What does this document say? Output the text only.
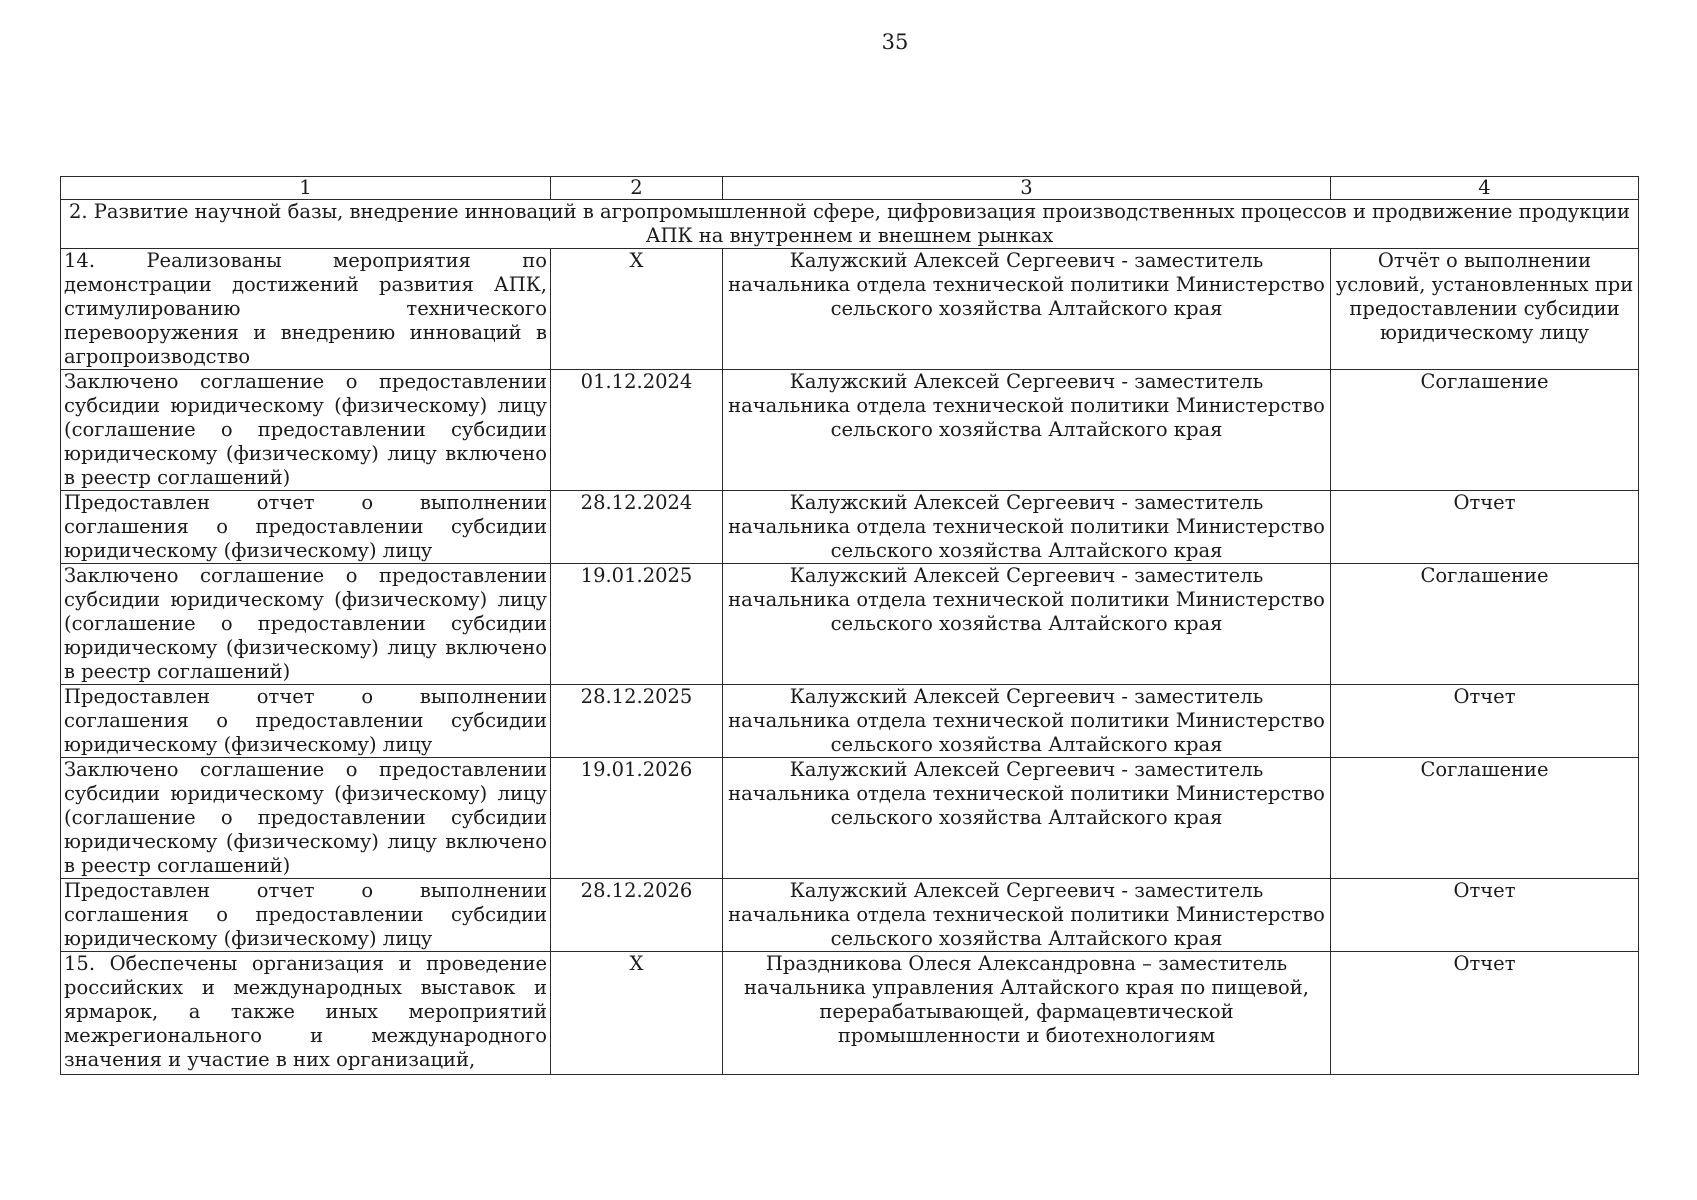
35
1	2	3	4
2. Развитие научной базы, внедрение инноваций в агропромышленной сфере, цифровизация производственных процессов и продвижение продукции АПК на внутреннем и внешнем рынках			
14. Реализованы мероприятия по демонстрации достижений развития АПК, стимулированию технического перевооружения и внедрению инноваций в агропроизводство	Х	Калужский Алексей Сергеевич - заместитель начальника отдела технической политики Министерство сельского хозяйства Алтайского края	Отчёт о выполнении условий, установленных при предоставлении субсидии юридическому лицу
Заключено соглашение о предоставлении субсидии юридическому (физическому) лицу (соглашение о предоставлении субсидии юридическому (физическому) лицу включено в реестр соглашений)	01.12.2024	Калужский Алексей Сергеевич - заместитель начальника отдела технической политики Министерство сельского хозяйства Алтайского края	Соглашение
Предоставлен отчет о выполнении соглашения о предоставлении субсидии юридическому (физическому) лицу	28.12.2024	Калужский Алексей Сергеевич - заместитель начальника отдела технической политики Министерство сельского хозяйства Алтайского края	Отчет
Заключено соглашение о предоставлении субсидии юридическому (физическому) лицу (соглашение о предоставлении субсидии юридическому (физическому) лицу включено в реестр соглашений)	19.01.2025	Калужский Алексей Сергеевич - заместитель начальника отдела технической политики Министерство сельского хозяйства Алтайского края	Соглашение
Предоставлен отчет о выполнении соглашения о предоставлении субсидии юридическому (физическому) лицу	28.12.2025	Калужский Алексей Сергеевич - заместитель начальника отдела технической политики Министерство сельского хозяйства Алтайского края	Отчет
Заключено соглашение о предоставлении субсидии юридическому (физическому) лицу (соглашение о предоставлении субсидии юридическому (физическому) лицу включено в реестр соглашений)	19.01.2026	Калужский Алексей Сергеевич - заместитель начальника отдела технической политики Министерство сельского хозяйства Алтайского края	Соглашение
Предоставлен отчет о выполнении соглашения о предоставлении субсидии юридическому (физическому) лицу	28.12.2026	Калужский Алексей Сергеевич - заместитель начальника отдела технической политики Министерство сельского хозяйства Алтайского края	Отчет
15. Обеспечены организация и проведение российских и международных выставок и ярмарок, а также иных мероприятий межрегионального и международного значения и участие в них организаций,	Х	Праздникова Олеся Александровна – заместитель начальника управления Алтайского края по пищевой, перерабатывающей, фармацевтической промышленности и биотехнологиям	Отчет
